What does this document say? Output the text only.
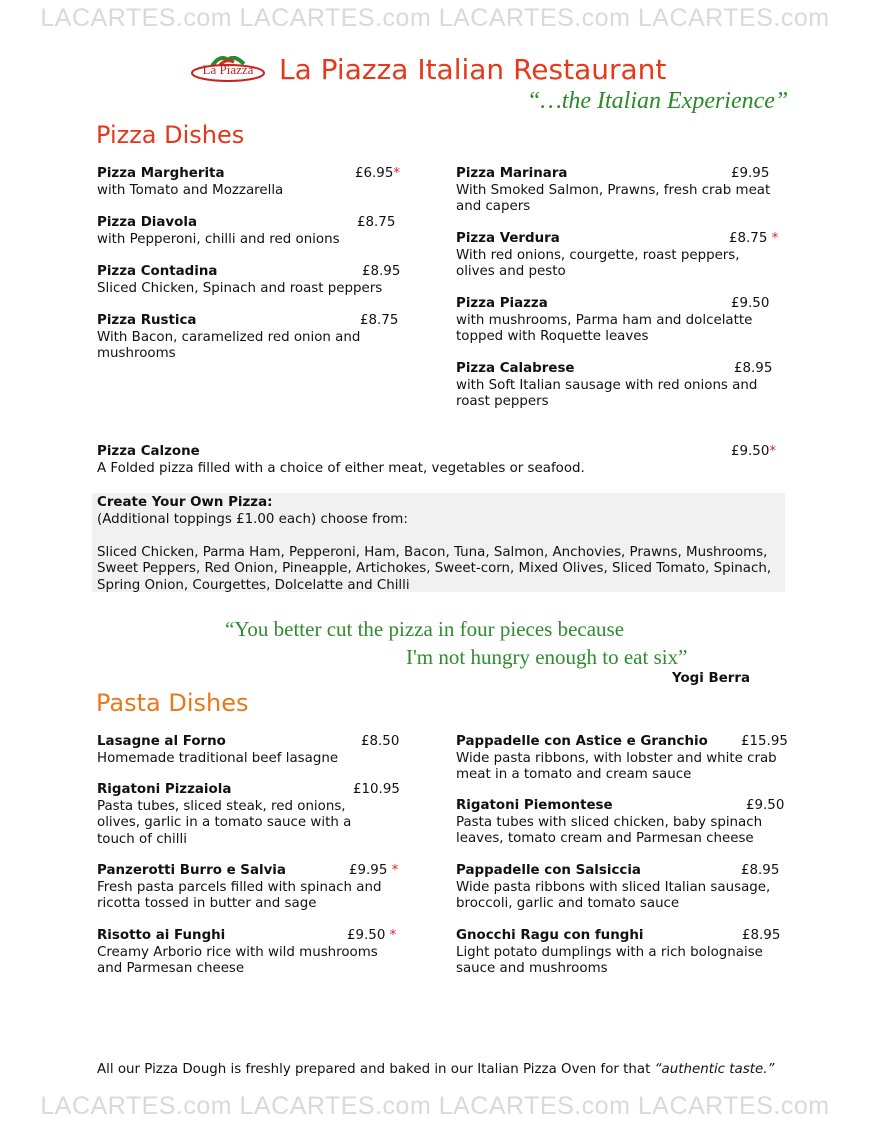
LACARTES.com LACARTES.com LACARTES.com LACARTES.com
LACARTES.com LACARTES.com LACARTES.com LACARTES.com
La Piazza La Piazza Italian Restaurant
“…the Italian Experience”
Pizza Dishes
Pizza Margherita	£6.95*
with Tomato and Mozzarella
Pizza Diavola	£8.75
with Pepperoni, chilli and red onions
Pizza Contadina	£8.95
Sliced Chicken, Spinach and roast peppers
Pizza Rustica	£8.75
With Bacon, caramelized red onion and mushrooms
Pizza Marinara	£9.95
With Smoked Salmon, Prawns, fresh crab meat and capers
Pizza Verdura	£8.75 *
With red onions, courgette, roast peppers, olives and pesto
Pizza Piazza	£9.50
with mushrooms, Parma ham and dolcelatte topped with Roquette leaves
Pizza Calabrese	£8.95
with Soft Italian sausage with red onions and roast peppers
Pizza Calzone	£9.50*
A Folded pizza filled with a choice of either meat, vegetables or seafood.
Create Your Own Pizza:
(Additional toppings £1.00 each) choose from:
Sliced Chicken, Parma Ham, Pepperoni, Ham, Bacon, Tuna, Salmon, Anchovies, Prawns, Mushrooms, Sweet Peppers, Red Onion, Pineapple, Artichokes, Sweet-corn, Mixed Olives, Sliced Tomato, Spinach, Spring Onion, Courgettes, Dolcelatte and Chilli
“You better cut the pizza in four pieces because
I'm not hungry enough to eat six”
Yogi Berra
Pasta Dishes
Lasagne al Forno	£8.50
Homemade traditional beef lasagne
Rigatoni Pizzaiola	£10.95
Pasta tubes, sliced steak, red onions, olives, garlic in a tomato sauce with a touch of chilli
Panzerotti Burro e Salvia	£9.95 *
Fresh pasta parcels filled with spinach and ricotta tossed in butter and sage
Risotto ai Funghi	£9.50 *
Creamy Arborio rice with wild mushrooms and Parmesan cheese
Pappadelle con Astice e Granchio £15.95
Wide pasta ribbons, with lobster and white crab meat in a tomato and cream sauce
Rigatoni Piemontese	£9.50
Pasta tubes with sliced chicken, baby spinach leaves, tomato cream and Parmesan cheese
Pappadelle con Salsiccia	£8.95
Wide pasta ribbons with sliced Italian sausage, broccoli, garlic and tomato sauce
Gnocchi Ragu con funghi	£8.95
Light potato dumplings with a rich bolognaise sauce and mushrooms
All our Pizza Dough is freshly prepared and baked in our Italian Pizza Oven for that “authentic taste.”
